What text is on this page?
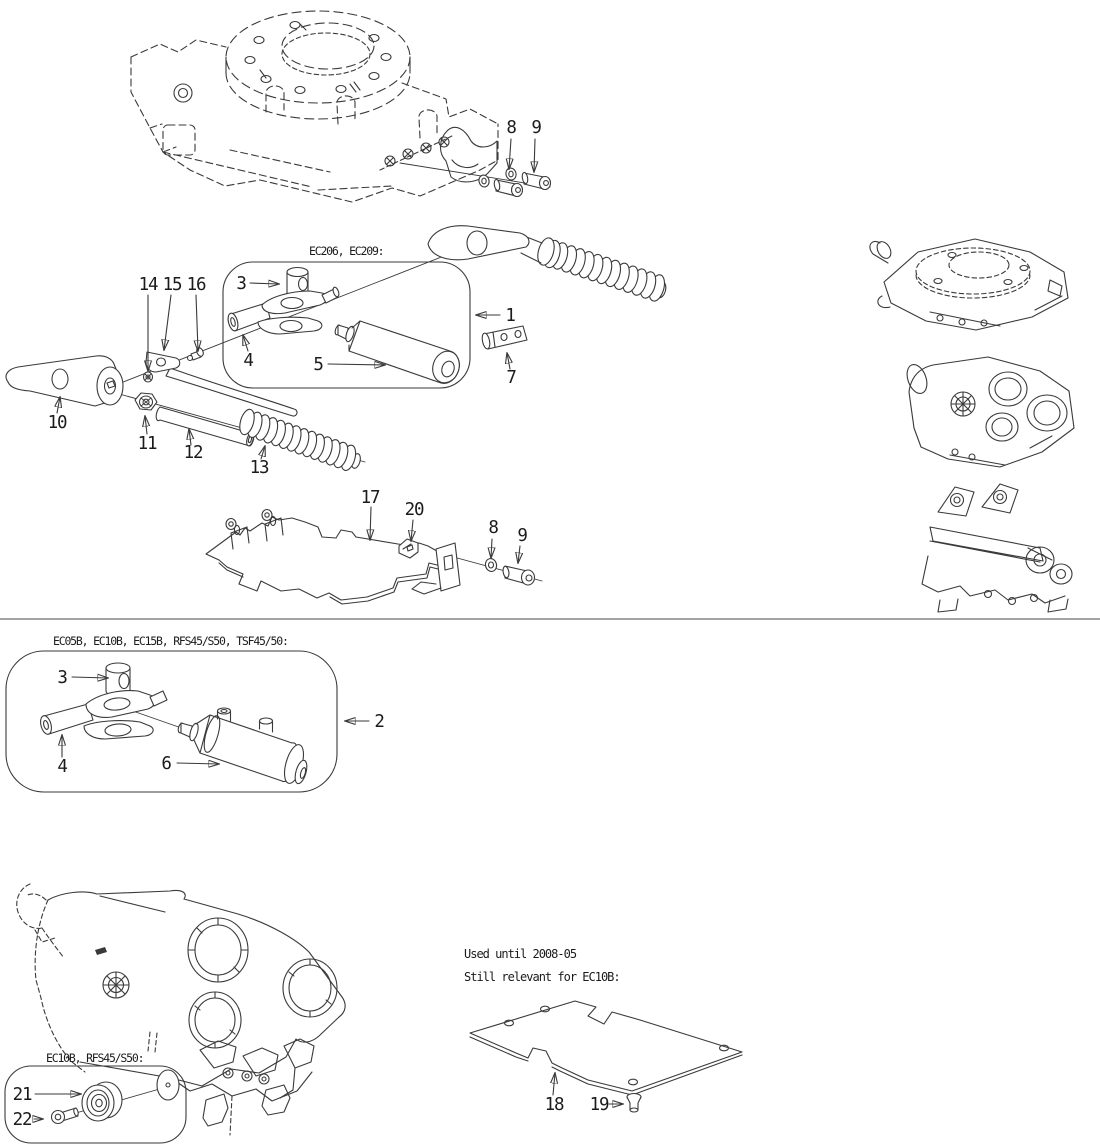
8 9
EC206, EC209:
1
3
4	5
7
14 15 16
10
11 12
13
17
20
8 9
EC05B, EC10B, EC15B, RFS45/S50, TSF45/50:
3
4	6
2
EC10B, RFS45/S50:
21
22
Used until 2008-05
Still relevant for EC10B:
18 19
